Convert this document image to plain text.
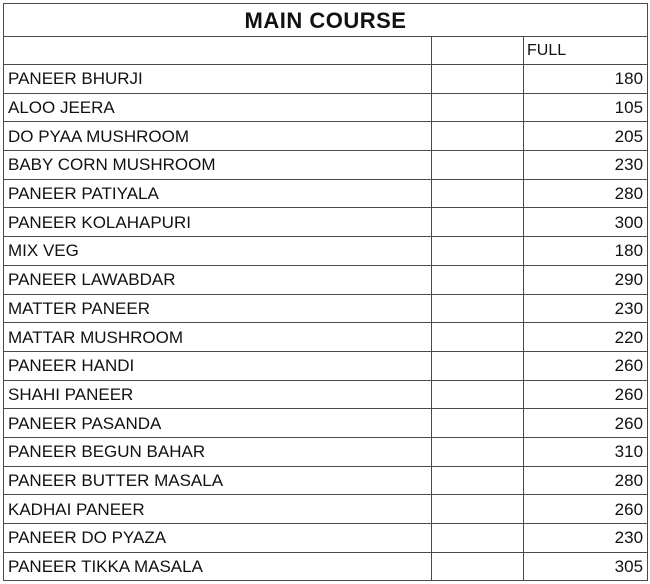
MAIN COURSE		
		FULL
PANEER BHURJI		180
ALOO JEERA		105
DO PYAA MUSHROOM		205
BABY CORN MUSHROOM		230
PANEER PATIYALA		280
PANEER KOLAHAPURI		300
MIX VEG		180
PANEER LAWABDAR		290
MATTER PANEER		230
MATTAR MUSHROOM		220
PANEER HANDI		260
SHAHI PANEER		260
PANEER PASANDA		260
PANEER BEGUN BAHAR		310
PANEER BUTTER MASALA		280
KADHAI PANEER		260
PANEER DO PYAZA		230
PANEER TIKKA MASALA		305
